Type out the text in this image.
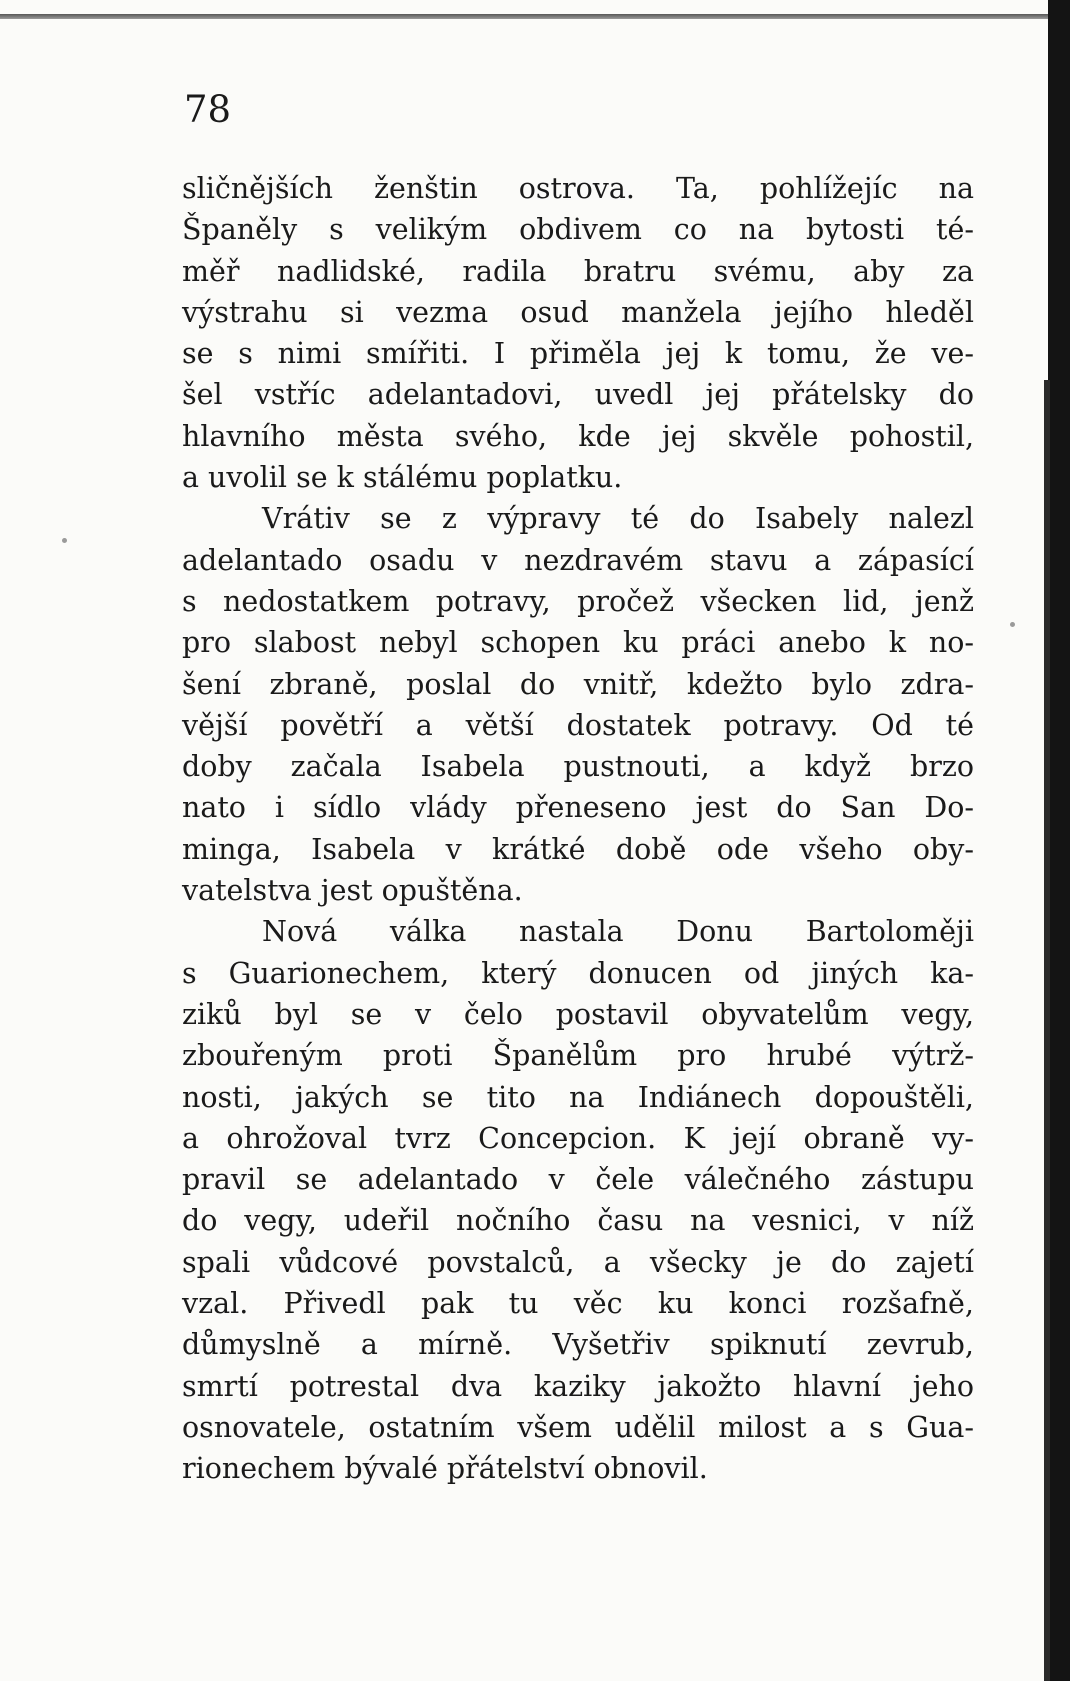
78

sličnějších ženštin ostrova. Ta, pohlížejíc na
Španěly s velikým obdivem co na bytosti té-
měř nadlidské, radila bratru svému, aby za
výstrahu si vezma osud manžela jejího hleděl
se s nimi smířiti. I přiměla jej k tomu, že ve-
šel vstříc adelantadovi, uvedl jej přátelsky do
hlavního města svého, kde jej skvěle pohostil,
a uvolil se k stálému poplatku.
Vrátiv se z výpravy té do Isabely nalezl
adelantado osadu v nezdravém stavu a zápasící
s nedostatkem potravy, pročež všecken lid, jenž
pro slabost nebyl schopen ku práci anebo k no-
šení zbraně, poslal do vnitř, kdežto bylo zdra-
vější povětří a větší dostatek potravy. Od té
doby začala Isabela pustnouti, a když brzo
nato i sídlo vlády přeneseno jest do San Do-
minga, Isabela v krátké době ode všeho oby-
vatelstva jest opuštěna.
Nová válka nastala Donu Bartoloměji
s Guarionechem, který donucen od jiných ka-
ziků byl se v čelo postavil obyvatelům vegy,
zbouřeným proti Španělům pro hrubé výtrž-
nosti, jakých se tito na Indiánech dopouštěli,
a ohrožoval tvrz Concepcion. K její obraně vy-
pravil se adelantado v čele válečného zástupu
do vegy, udeřil nočního času na vesnici, v níž
spali vůdcové povstalců, a všecky je do zajetí
vzal. Přivedl pak tu věc ku konci rozšafně,
důmyslně a mírně. Vyšetřiv spiknutí zevrub,
smrtí potrestal dva kaziky jakožto hlavní jeho
osnovatele, ostatním všem udělil milost a s Gua-
rionechem bývalé přátelství obnovil.
